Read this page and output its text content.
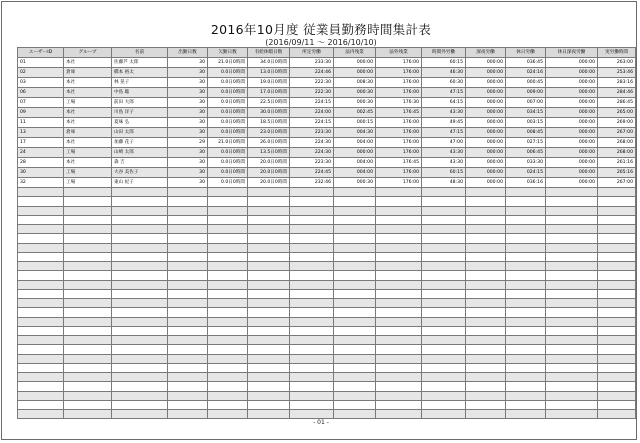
2016年10月度 従業員勤務時間集計表
(2016/09/11 ～ 2016/10/10)
ユーザーID	グループ	名前	出勤日数	欠勤日数	有給休暇日数	所定労働	法内残業	法外残業	時間外労働	深夜労働	休日労働	休日深夜労働	実労働時間
01	本社	佐藤芦 太郎	30	21.0日0時間	34.0日0時間	233:30	000:00	176:00	60:15	000:00	036:45	000:00	263:00
02	倉庫	橋本 裕太	30	0.0日0時間	13.0日0時間	224:46	000:00	176:00	46:30	000:00	024:16	000:00	253:46
03	本社	林 晃子	30	0.0日0時間	19.0日0時間	222:30	008:30	176:00	60:30	000:00	000:45	000:00	283:16
06	本社	中島 聡	30	0.0日0時間	17.0日0時間	222:30	000:30	176:00	47:15	000:00	009:00	000:00	284:46
07	工場	前田 大郎	30	0.0日0時間	22.5日0時間	224:15	000:30	176:30	64:15	000:00	007:00	000:00	286:45
09	本社	川島 洋子	30	0.0日0時間	30.0日0時間	224:00	002:45	176:45	43:30	000:00	034:15	000:00	265:00
11	本社	夏味 弘	30	0.0日0時間	18.5日0時間	224:15	000:15	176:00	49:45	000:00	003:15	000:00	269:00
13	倉庫	山田 太郎	30	0.0日0時間	23.0日0時間	223:30	004:30	176:00	47:15	000:00	008:45	000:00	267:00
17	本社	加藤 花子	29	21.0日0時間	26.0日0時間	224:30	004:00	176:00	47:00	000:00	027:15	000:00	268:00
24	工場	山崎 太郎	30	0.0日0時間	13.5日0時間	224:30	000:00	176:00	43:30	000:00	006:45	000:00	268:00
28	本社	森 吉	30	0.0日0時間	20.0日0時間	223:30	004:00	176:45	43:30	000:00	033:30	000:00	261:16
30	工場	大谷 美佐子	30	0.0日0時間	20.0日0時間	224:45	004:00	176:00	60:15	000:00	024:15	000:00	265:16
32	工場	東山 紀子	30	0.0日0時間	20.0日0時間	232:46	000:30	176:00	48:30	000:00	036:16	000:00	267:00

- 01 -
